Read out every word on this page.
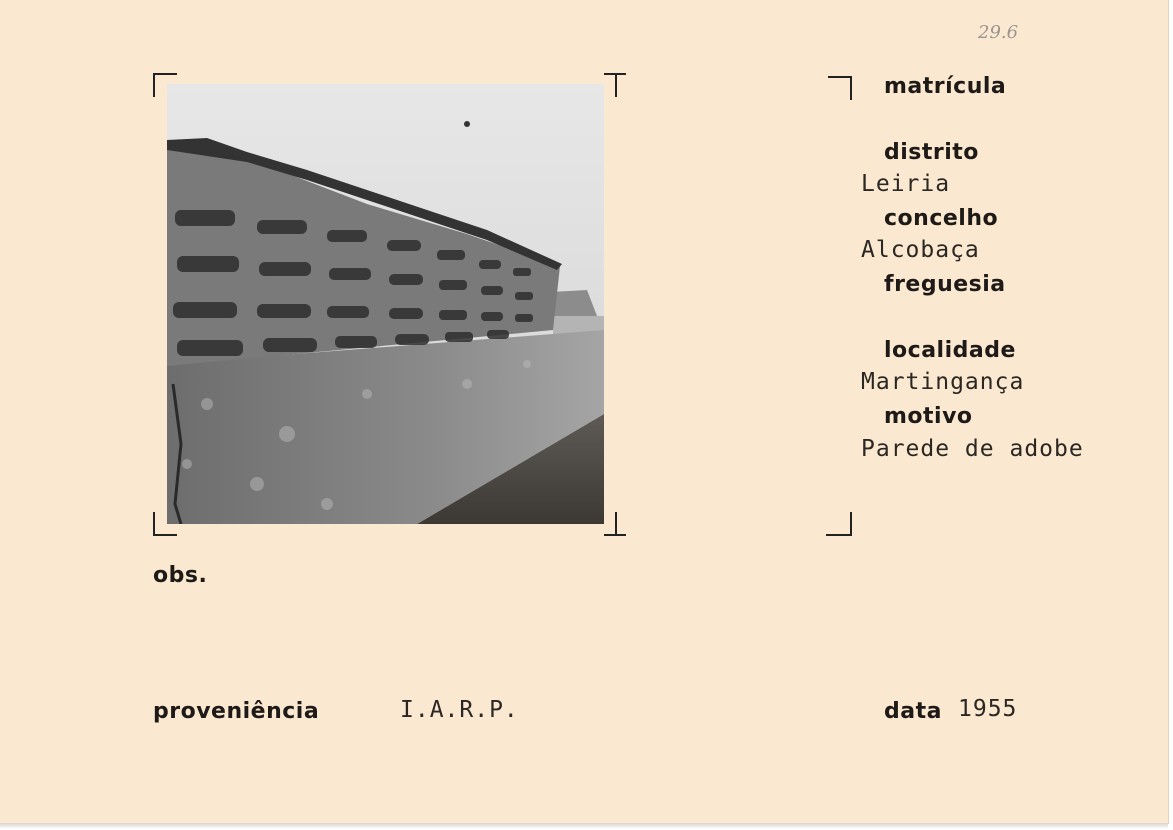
29.6
matrícula
distrito
Leiria
concelho
Alcobaça
freguesia
localidade
Martingança
motivo
Parede de adobe
obs.
proveniência	I.A.R.P.	data 1955
